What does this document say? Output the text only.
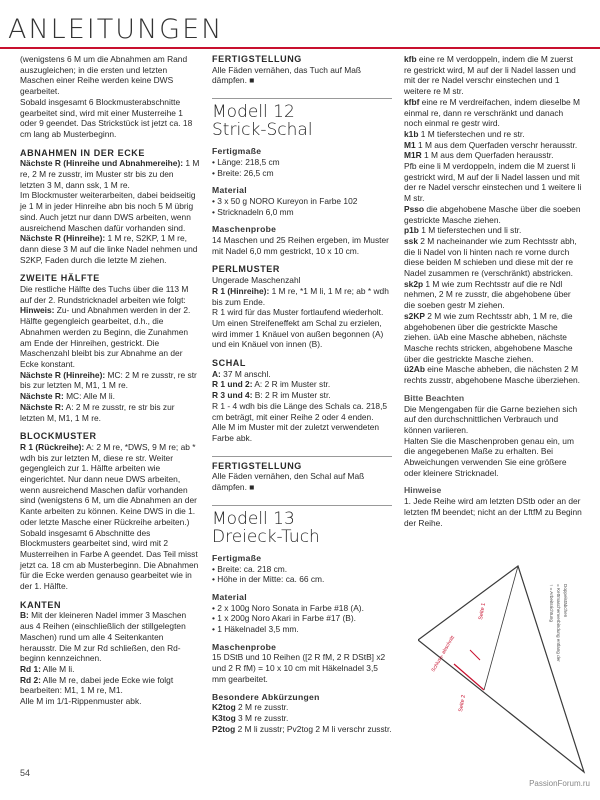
ANLEITUNGEN

(wenigstens 6 M um die Abnahmen am Rand auszugleichen; in die ersten und letzten Maschen einer Reihe werden keine DWS gearbeitet.

Sobald insgesamt 6 Blockmusterabschnitte gearbeitet sind, wird mit einer Musterreihe 1 oder 9 geendet. Das Strickstück ist jetzt ca. 18 cm lang ab Musterbeginn.

ABNAHMEN IN DER ECKE

Nächste R (Hinreihe und Abnahmereihe): 1 M re, 2 M re zusstr, im Muster str bis zu den letzten 3 M, dann ssk, 1 M re.

Im Blockmuster weiterarbeiten, dabei beidseitig je 1 M in jeder Hinreihe abn bis noch 5 M übrig sind. Auch jetzt nur dann DWS arbeiten, wenn ausreichend Maschen dafür vorhanden sind.

Nächste R (Hinreihe): 1 M re, S2KP, 1 M re, dann diese 3 M auf die linke Nadel nehmen und S2KP, Faden durch die letzte M ziehen.

ZWEITE HÄLFTE

Die restliche Hälfte des Tuchs über die 113 M auf der 2. Rundstricknadel arbeiten wie folgt:

Hinweis: Zu- und Abnahmen werden in der 2. Hälfte gegengleich gearbeitet, d.h., die Abnahmen werden zu Beginn, die Zunahmen am Ende der Hinreihen, gestrickt. Die Maschenzahl bleibt bis zur Abnahme an der Ecke konstant.

Nächste R (Hinreihe): MC: 2 M re zusstr, re str bis zur letzten M, M1, 1 M re.

Nächste R: MC: Alle M li.

Nächste R: A: 2 M re zusstr, re str bis zur letzten M, M1, 1 M re.

BLOCKMUSTER

R 1 (Rückreihe): A: 2 M re, *DWS, 9 M re; ab * wdh bis zur letzten M, diese re str. Weiter gegengleich zur 1. Hälfte arbeiten wie eingerichtet. Nur dann neue DWS arbeiten, wenn ausreichend Maschen dafür vorhanden sind (wenigstens 6 M, um die Abnahmen an der Kante arbeiten zu können. Keine DWS in die 1. oder letzte Masche einer Rückreihe arbeiten.) Sobald insgesamt 6 Abschnitte des Blockmusters gearbeitet sind, wird mit 2 Musterreihen in Farbe A geendet. Das Teil misst jetzt ca. 18 cm ab Musterbeginn. Die Abnahmen für die Ecke werden genauso gearbeitet wie in der 1. Hälfte.

KANTEN

B: Mit der kleineren Nadel immer 3 Maschen aus 4 Reihen (einschließlich der stillgelegten Maschen) rund um alle 4 Seitenkanten herausstr. Die M zur Rd schließen, den Rd-beginn kennzeichnen.

Rd 1: Alle M li.

Rd 2: Alle M re, dabei jede Ecke wie folgt bearbeiten: M1, 1 M re, M1.

Alle M im 1/1-Rippenmuster abk.

FERTIGSTELLUNG

Alle Fäden vernähen, das Tuch auf Maß dämpfen. ■

Modell 12

Strick-Schal

Fertigmaße

• Länge: 218,5 cm
• Breite: 26,5 cm

Material

• 3 x 50 g NORO Kureyon in Farbe 102
• Stricknadeln 6,0 mm

Maschenprobe

14 Maschen und 25 Reihen ergeben, im Muster mit Nadel 6,0 mm gestrickt, 10 x 10 cm.

PERLMUSTER

Ungerade Maschenzahl

R 1 (Hinreihe): 1 M re, *1 M li, 1 M re; ab * wdh bis zum Ende.

R 1 wird für das Muster fortlaufend wiederholt. Um einen Streifeneffekt am Schal zu erzielen, wird immer 1 Knäuel von außen begonnen (A) und ein Knäuel von innen (B).

SCHAL

A: 37 M anschl.

R 1 und 2: A: 2 R im Muster str.

R 3 und 4: B: 2 R im Muster str.

R 1 - 4 wdh bis die Länge des Schals ca. 218,5 cm beträgt, mit einer Reihe 2 oder 4 enden.

Alle M im Muster mit der zuletzt verwendeten Farbe abk.

FERTIGSTELLUNG

Alle Fäden vernähen, den Schal auf Maß dämpfen. ■

Modell 13

Dreieck-Tuch

Fertigmaße

• Breite: ca. 218 cm.
• Höhe in der Mitte: ca. 66 cm.

Material

• 2 x 100g Noro Sonata in Farbe #18 (A).
• 1 x 200g Noro Akari in Farbe #17 (B).
• 1 Häkelnadel 3,5 mm.

Maschenprobe

15 DStB und 10 Reihen ([2 R fM, 2 R DStB] x2 und 2 R fM) = 10 x 10 cm mit Häkelnadel 3,5 mm gearbeitet.

Besondere Abkürzungen

K2tog 2 M re zusstr.

K3tog 3 M re zusstr.

P2tog 2 M li zusstr; Pv2tog 2 M li verschr zusstr.

kfb eine re M verdoppeln, indem die M zuerst re gestrickt wird, M auf der li Nadel lassen und mit der re Nadel verschr einstechen und 1 weitere re M str.

kfbf eine re M verdreifachen, indem dieselbe M einmal re, dann re verschränkt und danach noch einmal re gestr wird.

k1b 1 M tieferstechen und re str.

M1 1 M aus dem Querfaden verschr herausstr.

M1R 1 M aus dem Querfaden herausstr.

Pfb eine li M verdoppeln, indem die M zuerst li gestrickt wird, M auf der li Nadel lassen und mit der re Nadel verschr einstechen und 1 weitere li M str.

Psso die abgehobene Masche über die soeben gestrickte Masche ziehen.

p1b 1 M tieferstechen und li str.

ssk 2 M nacheinander wie zum Rechtsstr abh, die li Nadel von li hinten nach re vorne durch diese beiden M schieben und diese mit der re Nadel zusammen re (verschränkt) abstricken.

sk2p 1 M wie zum Rechtsstr auf die re Ndl nehmen, 2 M re zusstr, die abgehobene über die soeben gestr M ziehen.

s2KP 2 M wie zum Rechtsstr abh, 1 M re, die abgehobenen über die gestrickte Masche ziehen. üAb eine Masche abheben, nächste Masche rechts stricken, abgehobene Masche über die gestrickte Masche ziehen.

ü2Ab eine Masche abheben, die nächsten 2 M rechts zusstr, abgehobene Masche überziehen.

Bitte Beachten

Die Mengengaben für die Garne beziehen sich auf den durchschnittlichen Verbrauch und können variieren.

Halten Sie die Maschenproben genau ein, um die angegebenen Maße zu erhalten. Bei Abweichungen verwenden Sie eine größere oder kleinere Stricknadel.

Hinweise

1. Jede Reihe wird am letzten DStb oder an der letzten fM beendet; nicht an der LftfM zu Beginn der Reihe.

Seite 1
Seite 2
Schluss- abschnitt
↑ = Arbeitsrichtung = Kettmaschenverbindung entlang der Doppelstäbchen
54
PassionForum.ru
